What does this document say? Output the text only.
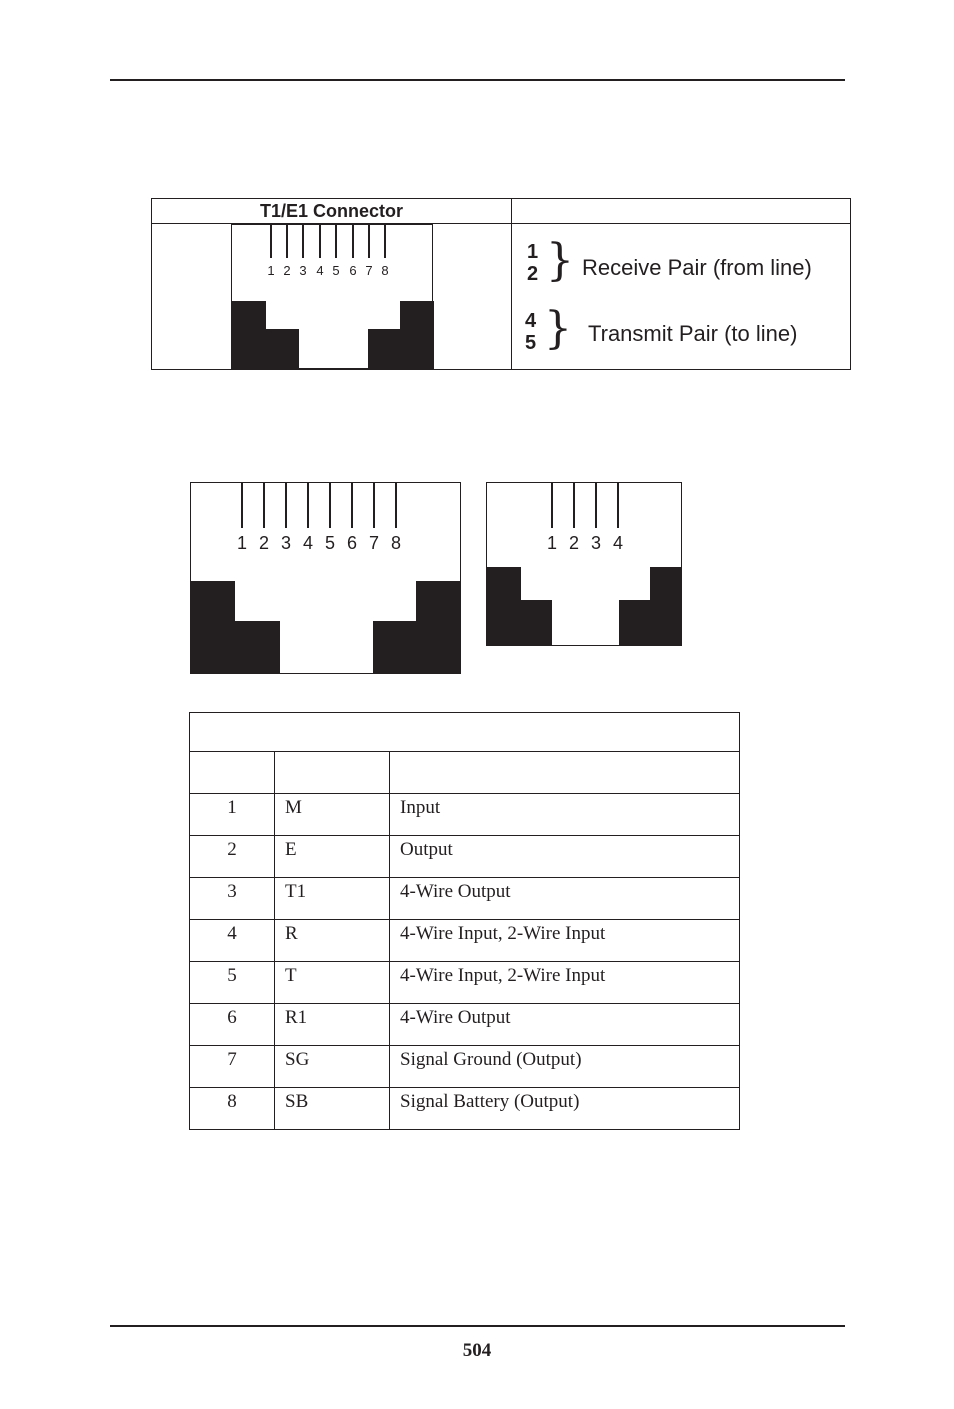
T1/E1 Connector
1 2 3 4 5 6 7 8
1
2 } Receive Pair (from line)
4
5 } Transmit Pair (to line)
1 2 3 4 5 6 7 8	1 2 3 4

1	M	Input
2	E	Output
3	T1	4-Wire Output
4	R	4-Wire Input, 2-Wire Input
5	T	4-Wire Input, 2-Wire Input
6	R1	4-Wire Output
7	SG	Signal Ground (Output)
8	SB	Signal Battery (Output)
504
